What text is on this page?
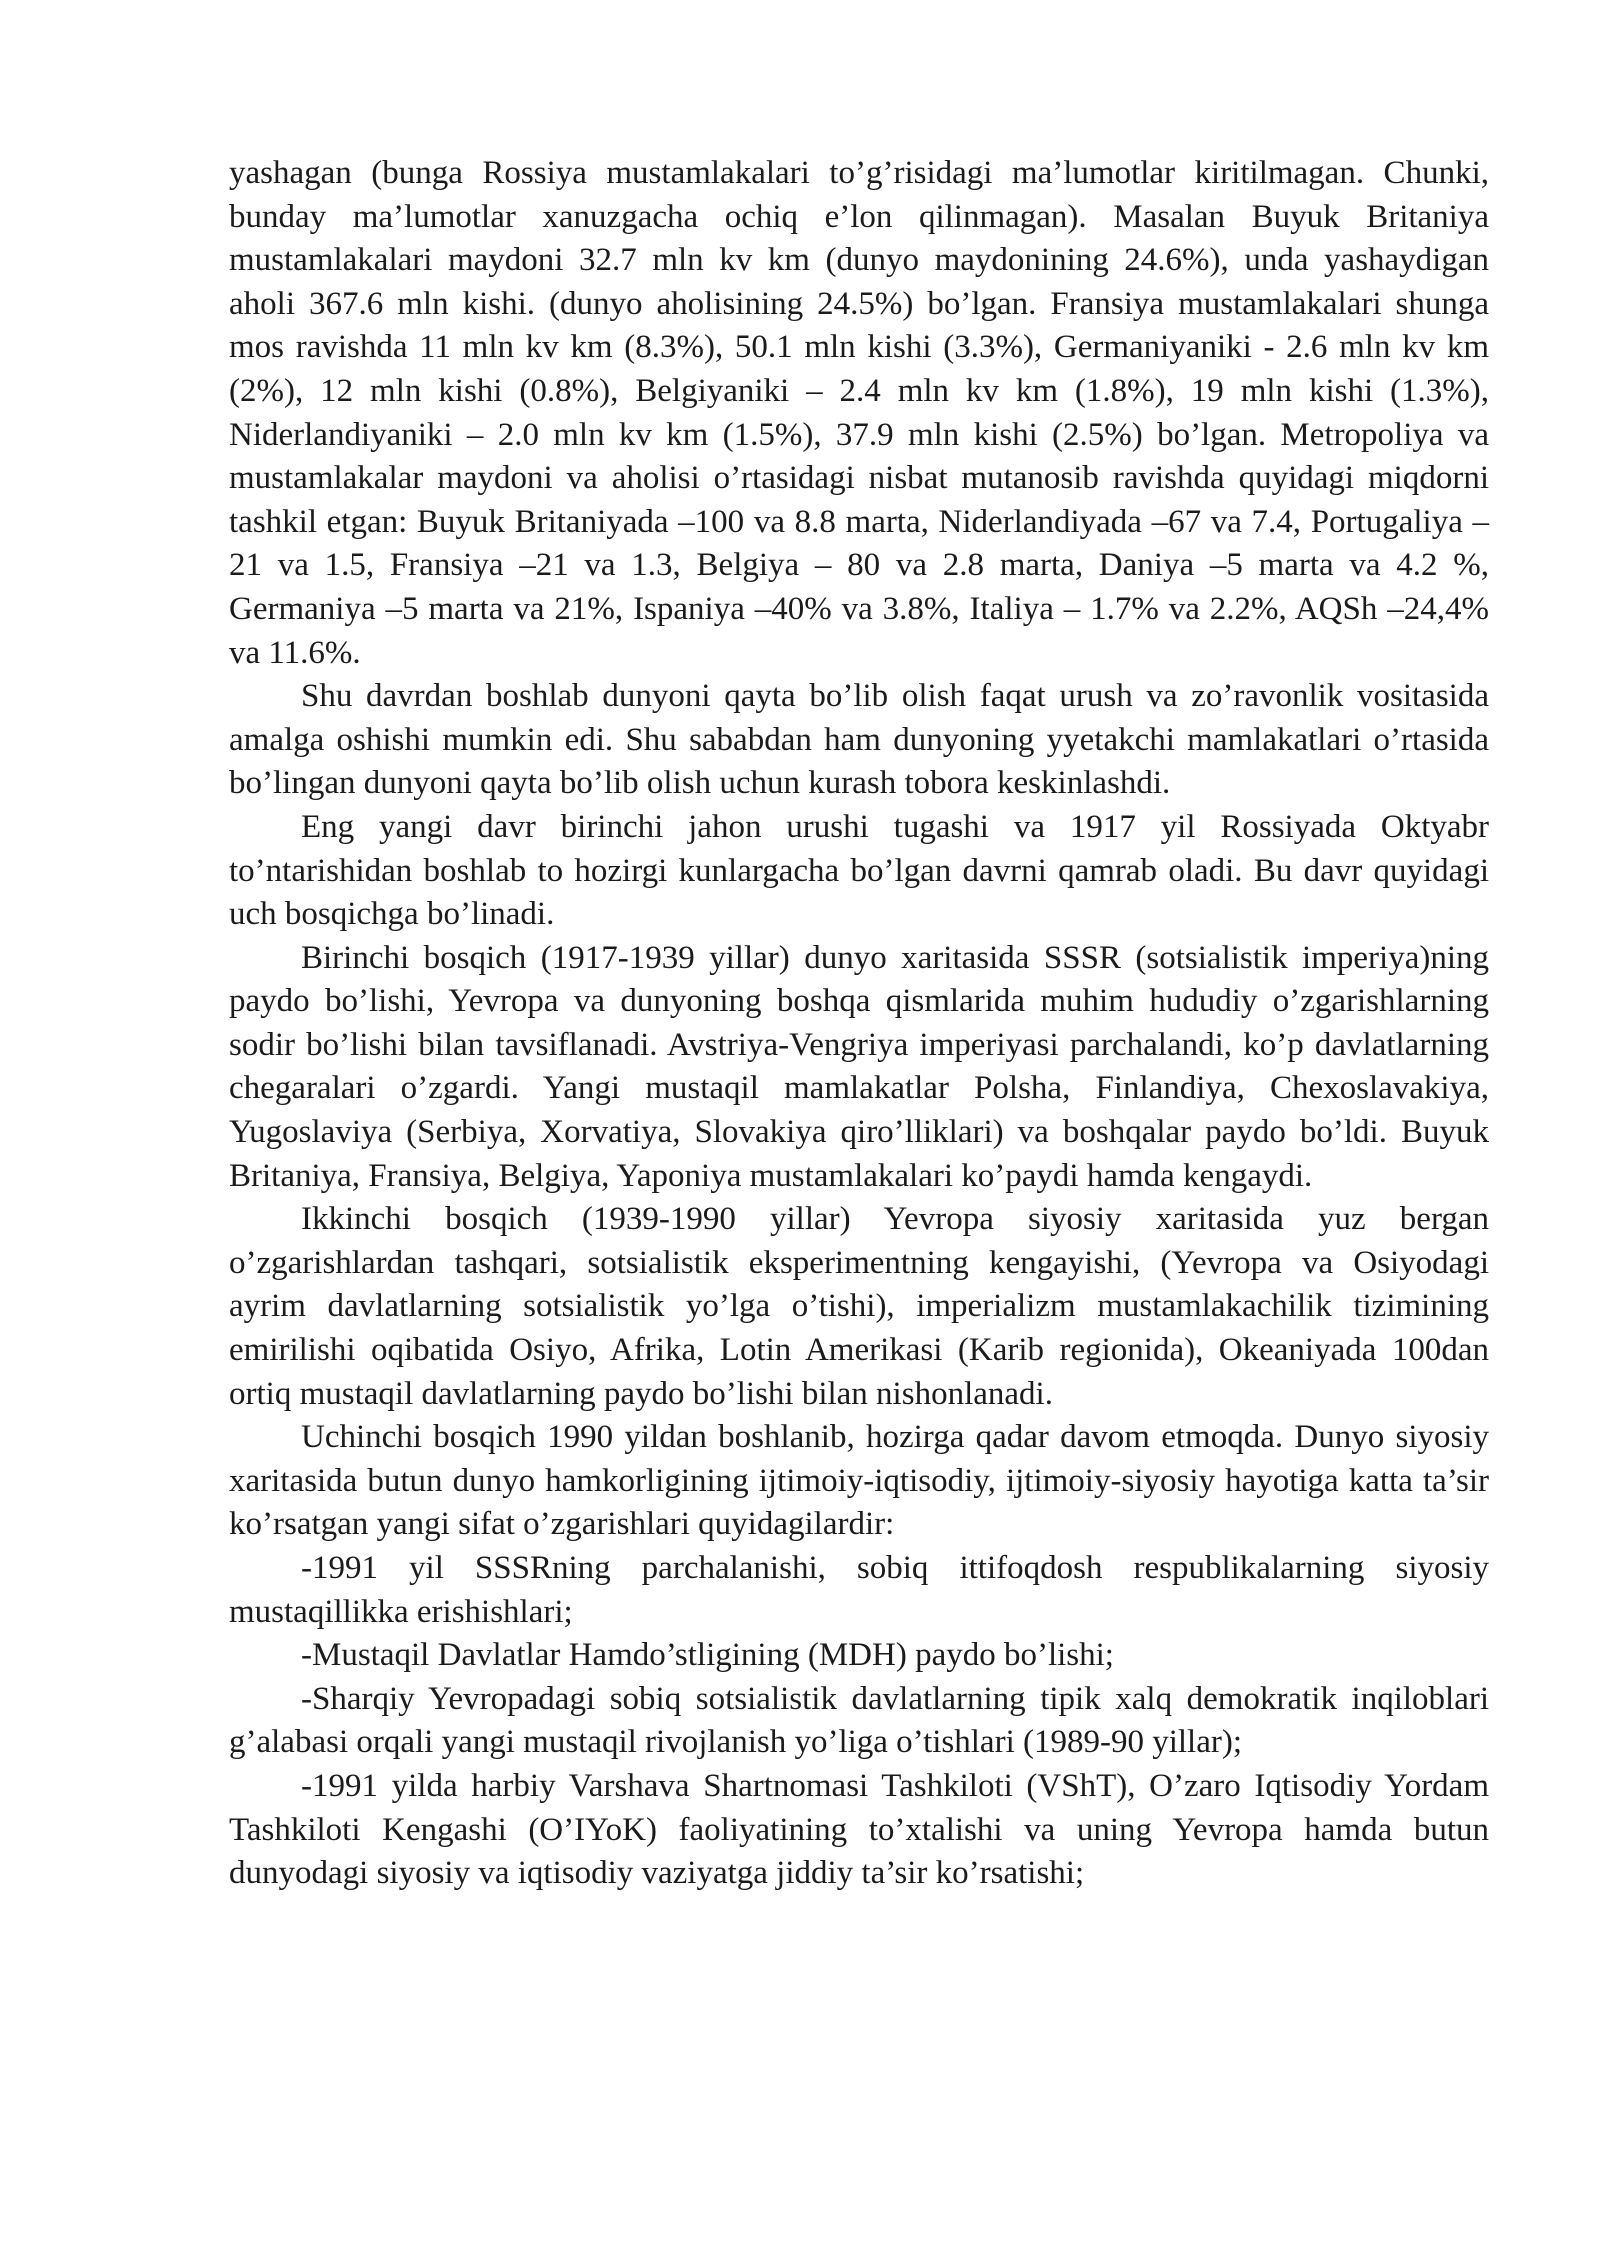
yashagan (bunga Rossiya mustamlakalari to’g’risidagi ma’lumotlar kiritilmagan. Chunki, bunday ma’lumotlar xanuzgacha ochiq e’lon qilinmagan). Masalan Buyuk Britaniya mustamlakalari maydoni 32.7 mln kv km (dunyo maydonining 24.6%), unda yashaydigan aholi 367.6 mln kishi. (dunyo aholisining 24.5%) bo’lgan. Fransiya mustamlakalari shunga mos ravishda 11 mln kv km (8.3%), 50.1 mln kishi (3.3%), Germaniyaniki - 2.6 mln kv km (2%), 12 mln kishi (0.8%), Belgiyaniki – 2.4 mln kv km (1.8%), 19 mln kishi (1.3%), Niderlandiyaniki – 2.0 mln kv km (1.5%), 37.9 mln kishi (2.5%) bo’lgan. Metropoliya va mustamlakalar maydoni va aholisi o’rtasidagi nisbat mutanosib ravishda quyidagi miqdorni tashkil etgan: Buyuk Britaniyada –100 va 8.8 marta, Niderlandiyada –67 va 7.4, Portugaliya –21 va 1.5, Fransiya –21 va 1.3, Belgiya – 80 va 2.8 marta, Daniya –5 marta va 4.2 %, Germaniya –5 marta va 21%, Ispaniya –40% va 3.8%, Italiya – 1.7% va 2.2%, AQSh –24,4% va 11.6%.

Shu davrdan boshlab dunyoni qayta bo’lib olish faqat urush va zo’ravonlik vositasida amalga oshishi mumkin edi. Shu sababdan ham dunyoning yyetakchi mamlakatlari o’rtasida bo’lingan dunyoni qayta bo’lib olish uchun kurash tobora keskinlashdi.

Eng yangi davr birinchi jahon urushi tugashi va 1917 yil Rossiyada Oktyabr to’ntarishidan boshlab to hozirgi kunlargacha bo’lgan davrni qamrab oladi. Bu davr quyidagi uch bosqichga bo’linadi.

Birinchi bosqich (1917-1939 yillar) dunyo xaritasida SSSR (sotsialistik imperiya)ning paydo bo’lishi, Yevropa va dunyoning boshqa qismlarida muhim hududiy o’zgarishlarning sodir bo’lishi bilan tavsiflanadi. Avstriya-Vengriya imperiyasi parchalandi, ko’p davlatlarning chegaralari o’zgardi. Yangi mustaqil mamlakatlar Polsha, Finlandiya, Chexoslavakiya, Yugoslaviya (Serbiya, Xorvatiya, Slovakiya qiro’lliklari) va boshqalar paydo bo’ldi. Buyuk Britaniya, Fransiya, Belgiya, Yaponiya mustamlakalari ko’paydi hamda kengaydi.

Ikkinchi bosqich (1939-1990 yillar) Yevropa siyosiy xaritasida yuz bergan o’zgarishlardan tashqari, sotsialistik eksperimentning kengayishi, (Yevropa va Osiyodagi ayrim davlatlarning sotsialistik yo’lga o’tishi), imperializm mustamlakachilik tizimining emirilishi oqibatida Osiyo, Afrika, Lotin Amerikasi (Karib regionida), Okeaniyada 100dan ortiq mustaqil davlatlarning paydo bo’lishi bilan nishonlanadi.

Uchinchi bosqich 1990 yildan boshlanib, hozirga qadar davom etmoqda. Dunyo siyosiy xaritasida butun dunyo hamkorligining ijtimoiy-iqtisodiy, ijtimoiy-siyosiy hayotiga katta ta’sir ko’rsatgan yangi sifat o’zgarishlari quyidagilardir:

-1991 yil SSSRning parchalanishi, sobiq ittifoqdosh respublikalarning siyosiy mustaqillikka erishishlari;

-Mustaqil Davlatlar Hamdo’stligining (MDH) paydo bo’lishi;

-Sharqiy Yevropadagi sobiq sotsialistik davlatlarning tipik xalq demokratik inqiloblari g’alabasi orqali yangi mustaqil rivojlanish yo’liga o’tishlari (1989-90 yillar);

-1991 yilda harbiy Varshava Shartnomasi Tashkiloti (VShT), O’zaro Iqtisodiy Yordam Tashkiloti Kengashi (O’IYoK) faoliyatining to’xtalishi va uning Yevropa hamda butun dunyodagi siyosiy va iqtisodiy vaziyatga jiddiy ta’sir ko’rsatishi;
